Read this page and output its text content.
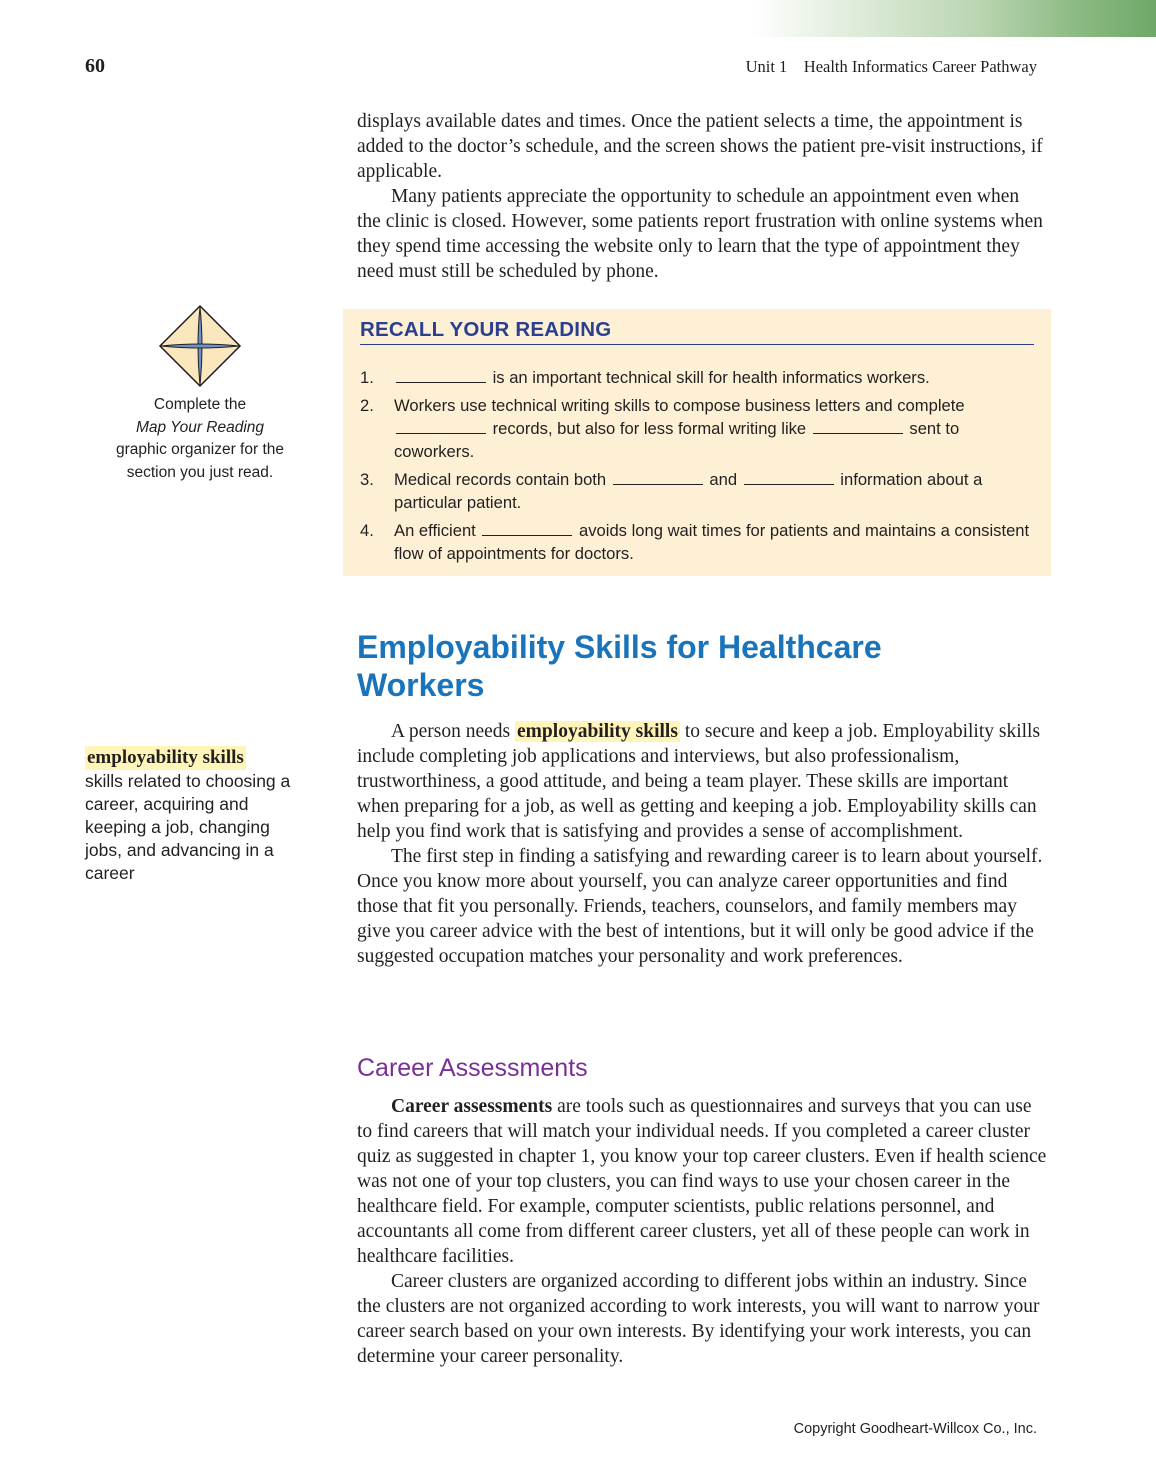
60	Unit 1    Health Informatics Career Pathway

displays available dates and times. Once the patient selects a time, the appointment is added to the doctor’s schedule, and the screen shows the patient pre-visit instructions, if applicable.

Many patients appreciate the opportunity to schedule an appointment even when the clinic is closed. However, some patients report frustration with online systems when they spend time accessing the website only to learn that the type of appointment they need must still be scheduled by phone.

Complete the
Map Your Reading
graphic organizer for the section you just read.
RECALL YOUR READING
1.	is an important technical skill for health informatics workers.
2. Workers use technical writing skills to compose business letters and complete  records, but also for less formal writing like	sent to coworkers.
3. Medical records contain both	and	information about a particular patient.
4. An efficient	avoids long wait times for patients and maintains a consistent flow of appointments for doctors.
Employability Skills for Healthcare Workers
employability skills
skills related to choosing a career, acquiring and keeping a job, changing jobs, and advancing in a career

A person needs employability skills to secure and keep a job. Employability skills include completing job applications and interviews, but also professionalism, trustworthiness, a good attitude, and being a team player. These skills are important when preparing for a job, as well as getting and keeping a job. Employability skills can help you find work that is satisfying and provides a sense of accomplishment.

The first step in finding a satisfying and rewarding career is to learn about yourself. Once you know more about yourself, you can analyze career opportunities and find those that fit you personally. Friends, teachers, counselors, and family members may give you career advice with the best of intentions, but it will only be good advice if the suggested occupation matches your personality and work preferences.

Career Assessments

Career assessments are tools such as questionnaires and surveys that you can use to find careers that will match your individual needs. If you completed a career cluster quiz as suggested in chapter 1, you know your top career clusters. Even if health science was not one of your top clusters, you can find ways to use your chosen career in the healthcare field. For example, computer scientists, public relations personnel, and accountants all come from different career clusters, yet all of these people can work in healthcare facilities.

Career clusters are organized according to different jobs within an industry. Since the clusters are not organized according to work interests, you will want to narrow your career search based on your own interests. By identifying your work interests, you can determine your career personality.

Copyright Goodheart-Willcox Co., Inc.
